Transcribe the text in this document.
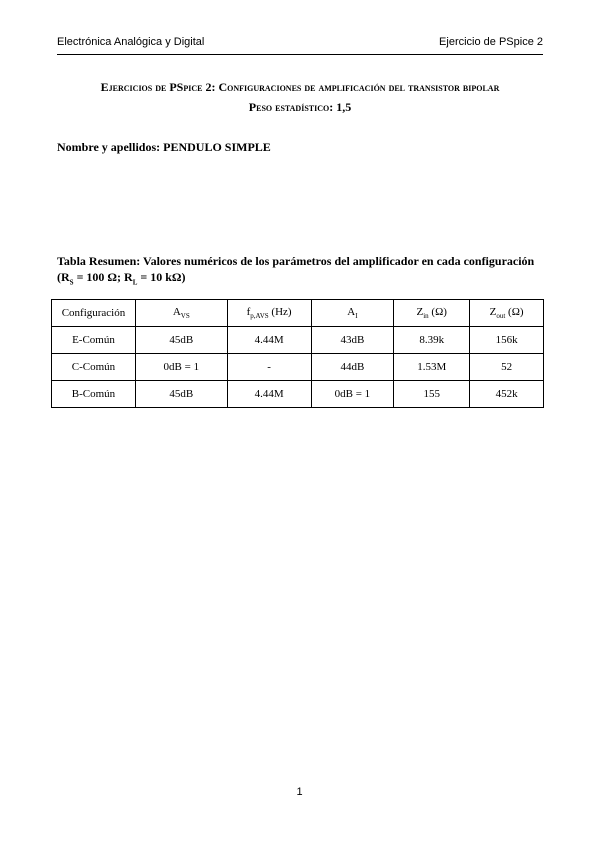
Electrónica Analógica y Digital	Ejercicio de PSpice 2
Ejercicios de PSpice 2: Configuraciones de amplificación del transistor bipolar
Peso estadístico: 1,5
Nombre y apellidos: PENDULO SIMPLE
Tabla Resumen: Valores numéricos de los parámetros del amplificador en cada configuración
($R_S = 100$ Ω; $R_L = 10$ kΩ)
Configuración	$A_{VS}$	$f_{p,AVS}$ (Hz)	$A_I$	$Z_{in}$ (Ω)	$Z_{out}$ (Ω)
E-Común	45dB	4.44M	43dB	8.39k	156k
C-Común	0dB = 1	-	44dB	1.53M	52
B-Común	45dB	4.44M	0dB = 1	155	452k
1
